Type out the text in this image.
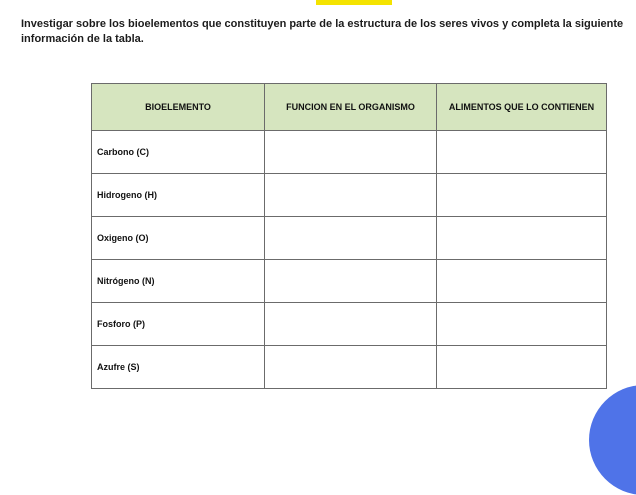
Investigar sobre los bioelementos que constituyen parte de la estructura de los seres vivos y completa la siguiente información de la tabla.
BIOELEMENTO	FUNCION EN EL ORGANISMO	ALIMENTOS QUE LO CONTIENEN
Carbono (C)		
Hidrogeno (H)		
Oxigeno (O)		
Nitrógeno (N)		
Fosforo (P)		
Azufre (S)		
